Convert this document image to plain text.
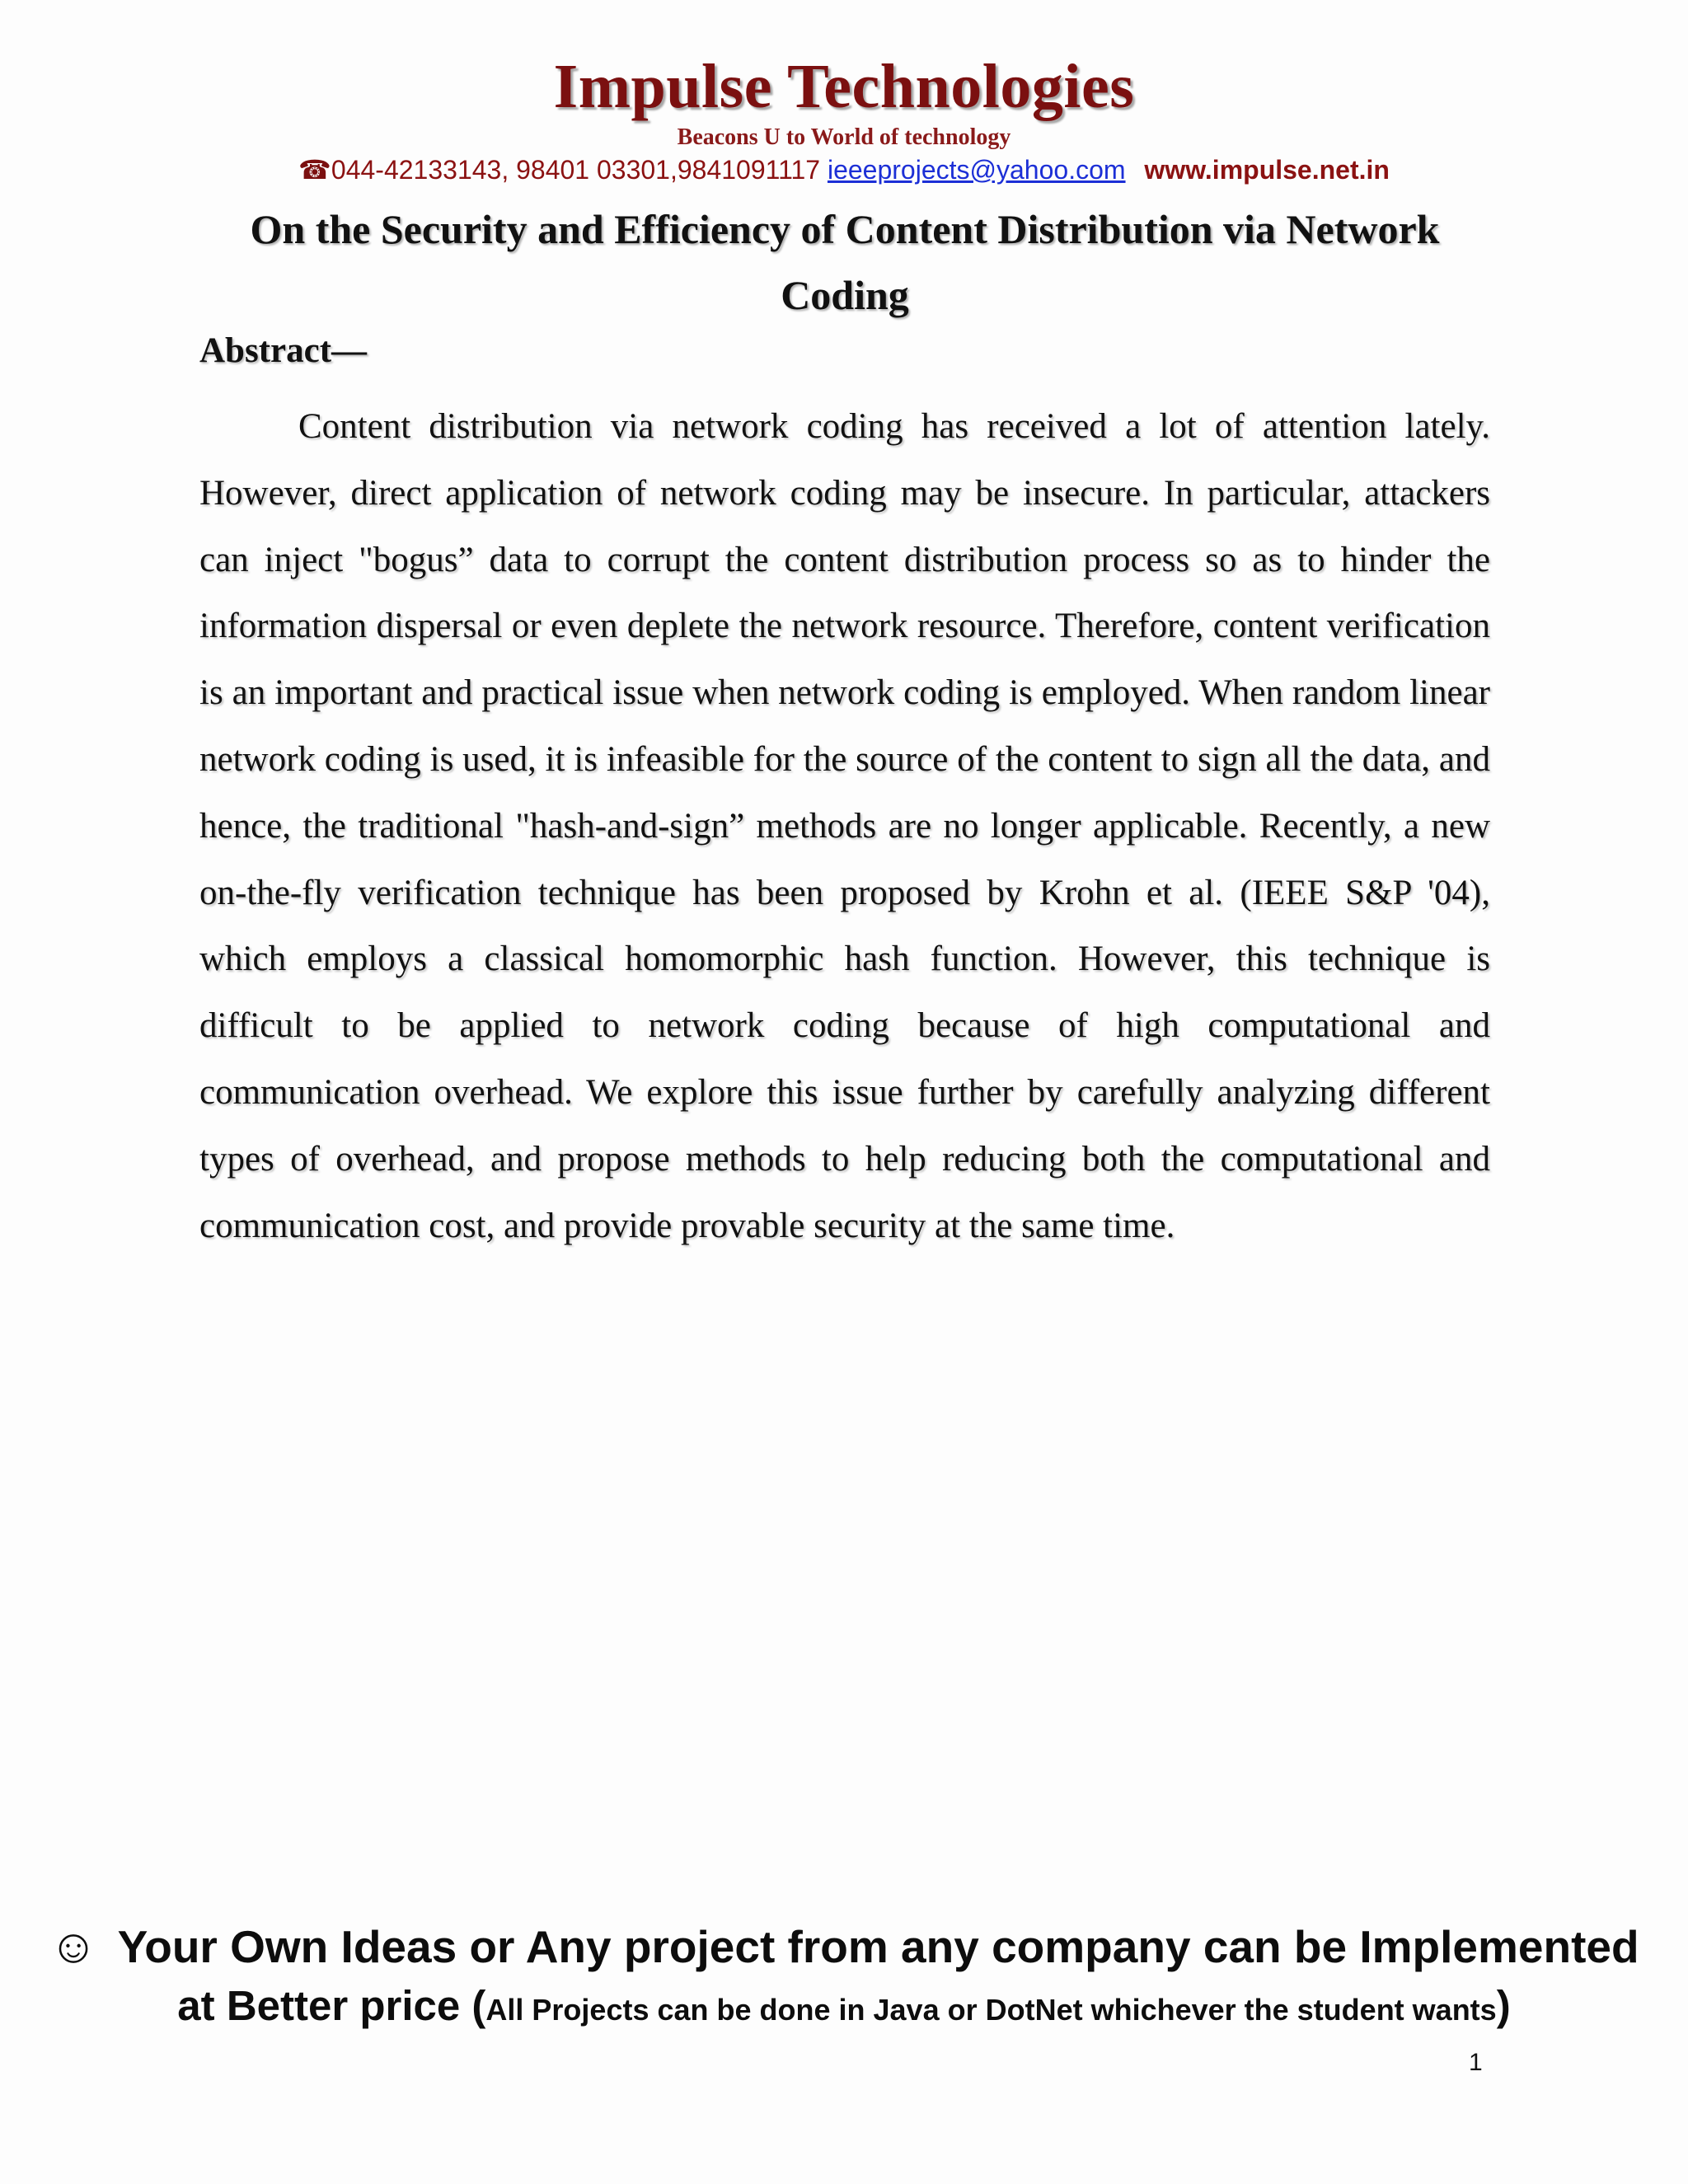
Impulse Technologies
Beacons U to World of technology
☎044-42133143, 98401 03301,9841091117 ieeeprojects@yahoo.com www.impulse.net.in
On the Security and Efficiency of Content Distribution via Network Coding
Abstract—

Content distribution via network coding has received a lot of attention lately. However, direct application of network coding may be insecure. In particular, attackers can inject "bogus” data to corrupt the content distribution process so as to hinder the information dispersal or even deplete the network resource. Therefore, content verification is an important and practical issue when network coding is employed. When random linear network coding is used, it is infeasible for the source of the content to sign all the data, and hence, the traditional "hash-and-sign” methods are no longer applicable. Recently, a new on-the-fly verification technique has been proposed by Krohn et al. (IEEE S&P '04), which employs a classical homomorphic hash function. However, this technique is difficult to be applied to network coding because of high computational and communication overhead. We explore this issue further by carefully analyzing different types of overhead, and propose methods to help reducing both the computational and communication cost, and provide provable security at the same time.

☺ Your Own Ideas or Any project from any company can be Implemented
at Better price (All Projects can be done in Java or DotNet whichever the student wants)
1
